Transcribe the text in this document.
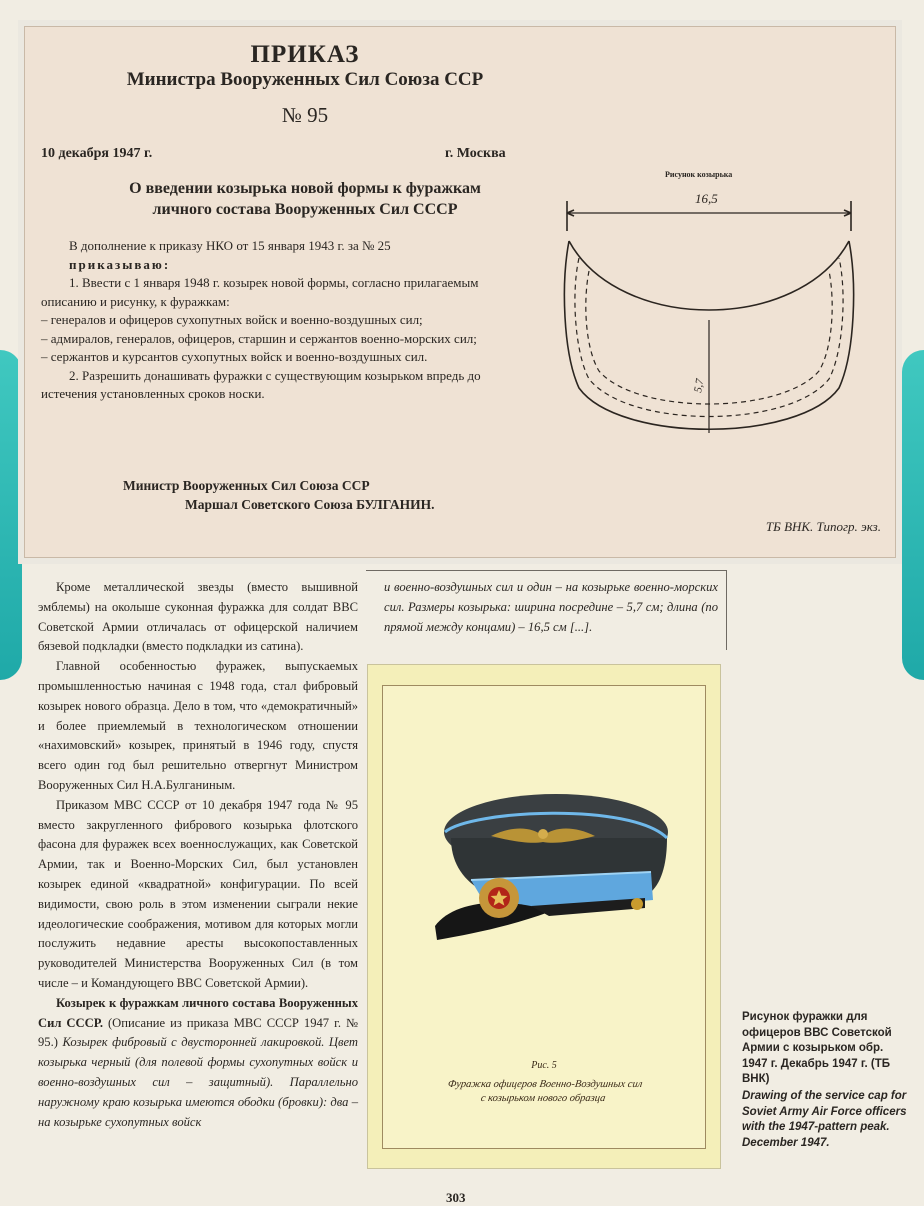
ПРИКАЗ
Министра Вооруженных Сил Союза ССР
№ 95
10 декабря 1947 г.	г. Москва
О введении козырька новой формы к фуражкам
личного состава Вооруженных Сил СССР

В дополнение к приказу НКО от 15 января 1943 г. за № 25

приказываю:

1. Ввести с 1 января 1948 г. козырек новой формы, согласно прилагаемым описанию и рисунку, к фуражкам:

– генералов и офицеров сухопутных войск и военно-воздушных сил;

– адмиралов, генералов, офицеров, старшин и сержантов военно-морских сил;

– сержантов и курсантов сухопутных войск и военно-воздушных сил.

2. Разрешить донашивать фуражки с существующим козырьком впредь до истечения установленных сроков носки.

Министр Вооруженных Сил Союза ССР
Маршал Советского Союза БУЛГАНИН.
ТБ ВНК. Типогр. экз.
Рисунок козырька
16,5
5,7

Кроме металлической звезды (вместо вышивной эмблемы) на околыше суконная фуражка для солдат ВВС Советской Армии отличалась от офицерской наличием бязевой подкладки (вместо подкладки из сатина).

Главной особенностью фуражек, выпускаемых промышленностью начиная с 1948 года, стал фибровый козырек нового образца. Дело в том, что «демократичный» и более приемлемый в технологическом отношении «нахимовский» козырек, принятый в 1946 году, спустя всего один год был решительно отвергнут Министром Вооруженных Сил Н.А.Булганиным.

Приказом МВС СССР от 10 декабря 1947 года № 95 вместо закругленного фибрового козырька флотского фасона для фуражек всех военнослужащих, как Советской Армии, так и Военно-Морских Сил, был установлен козырек единой «квадратной» конфигурации. По всей видимости, свою роль в этом изменении сыграли некие идеологические соображения, мотивом для которых могли послужить недавние аресты высокопоставленных руководителей Министерства Вооруженных Сил (в том числе – и Командующего ВВС Советской Армии).

Козырек к фуражкам личного состава Вооруженных Сил СССР. (Описание из приказа МВС СССР 1947 г. № 95.) Козырек фибровый с двусторонней лакировкой. Цвет козырька черный (для полевой формы сухопутных войск и военно-воздушных сил – защитный). Параллельно наружному краю козырька имеются ободки (бровки): два – на козырьке сухопутных войск

и военно-воздушных сил и один – на козырьке военно-морских сил. Размеры козырька: ширина посредине – 5,7 см; длина (по прямой между концами) – 16,5 см [...].
Рис. 5
Фуражка офицеров Военно-Воздушных сил
с козырьком нового образца
Рисунок фуражки для офицеров ВВС Советской Армии с козырьком обр. 1947 г. Декабрь 1947 г. (ТБ ВНК)
Drawing of the service cap for Soviet Army Air Force officers with the 1947-pattern peak. December 1947.
303
